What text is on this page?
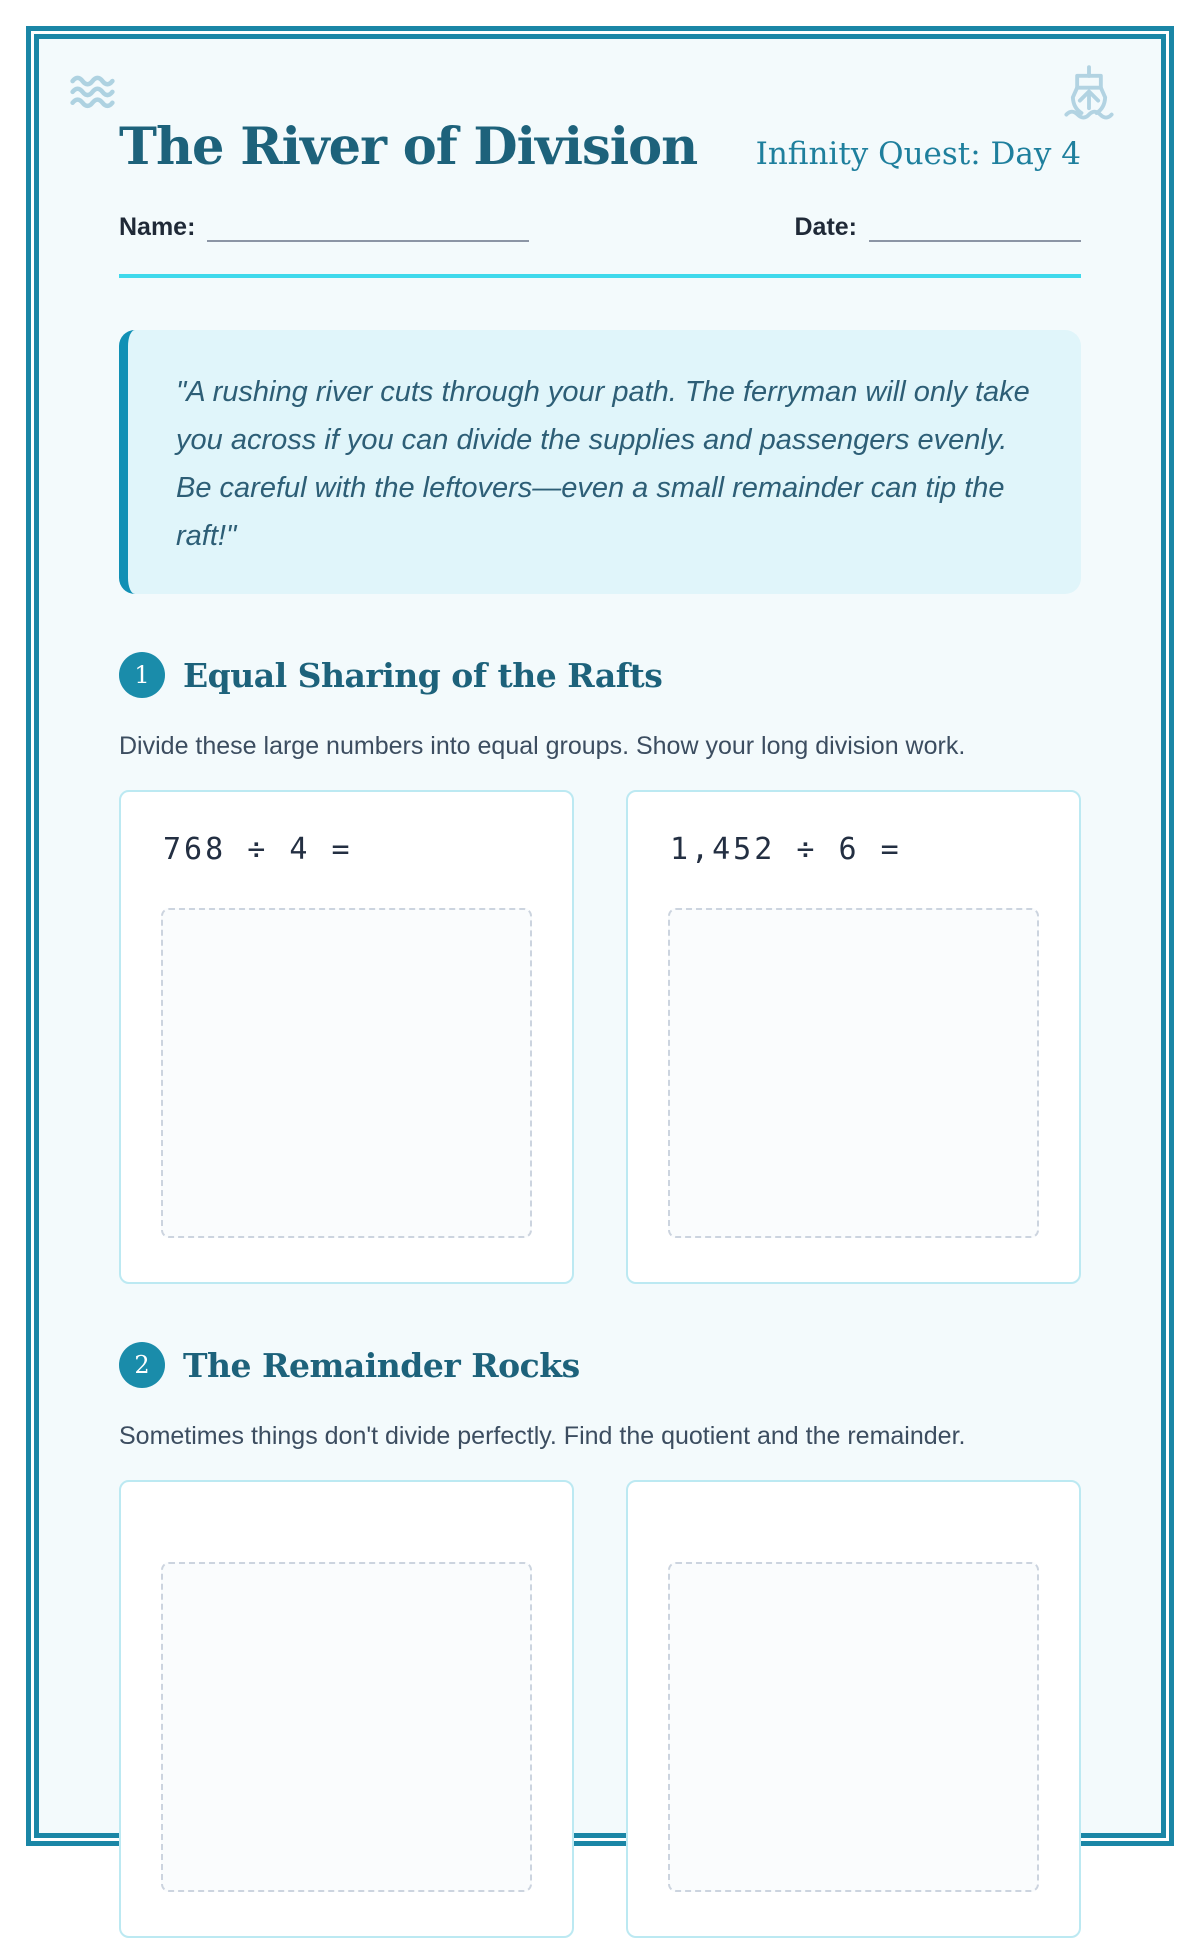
The River of Division Infinity Quest: Day 4
Name:	Date:

"A rushing river cuts through your path. The ferryman will only take you across if you can divide the supplies and passengers evenly. Be careful with the leftovers—even a small remainder can tip the raft!"

1	Equal Sharing of the Rafts

Divide these large numbers into equal groups. Show your long division work.

768 ÷ 4 =	1,452 ÷ 6 =
2	The Remainder Rocks

Sometimes things don't divide perfectly. Find the quotient and the remainder.
